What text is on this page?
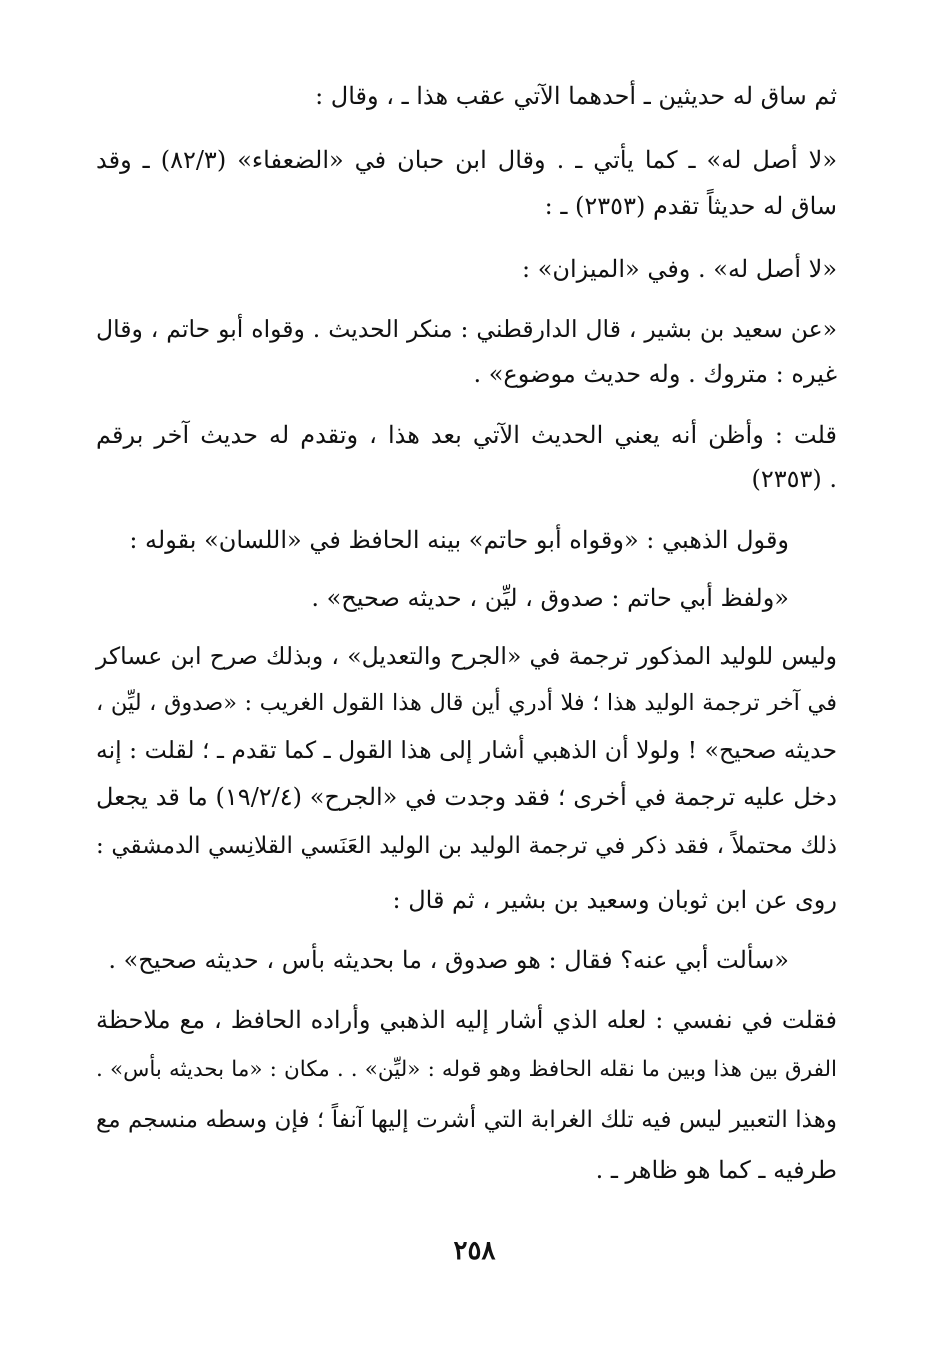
ثم ساق له حديثين ـ أحدهما الآتي عقب هذا ـ ، وقال :
«لا أصل له» ـ كما يأتي ـ . وقال ابن حبان في «الضعفاء» (٨٢/٣) ـ وقد
ساق له حديثاً تقدم (٢٣٥٣) ـ :
«لا أصل له» . وفي «الميزان» :
«عن سعيد بن بشير ، قال الدارقطني : منكر الحديث . وقواه أبو حاتم ، وقال
غيره : متروك . وله حديث موضوع» .
قلت : وأظن أنه يعني الحديث الآتي بعد هذا ، وتقدم له حديث آخر برقم
(٢٣٥٣) .
وقول الذهبي : «وقواه أبو حاتم» بينه الحافظ في «اللسان» بقوله :
«ولفظ أبي حاتم : صدوق ، ليِّن ، حديثه صحيح» .
وليس للوليد المذكور ترجمة في «الجرح والتعديل» ، وبذلك صرح ابن عساكر
في آخر ترجمة الوليد هذا ؛ فلا أدري أين قال هذا القول الغريب : «صدوق ، ليِّن ،
حديثه صحيح» ! ولولا أن الذهبي أشار إلى هذا القول ـ كما تقدم ـ ؛ لقلت : إنه
دخل عليه ترجمة في أخرى ؛ فقد وجدت في «الجرح» (١٩/٢/٤) ما قد يجعل
ذلك محتملاً ، فقد ذكر في ترجمة الوليد بن الوليد العَنَسي القلانِسي الدمشقي :
روى عن ابن ثوبان وسعيد بن بشير ، ثم قال :
«سألت أبي عنه؟ فقال : هو صدوق ، ما بحديثه بأس ، حديثه صحيح» .
فقلت في نفسي : لعله الذي أشار إليه الذهبي وأراده الحافظ ، مع ملاحظة
الفرق بين هذا وبين ما نقله الحافظ وهو قوله : «ليِّن» . . مكان : «ما بحديثه بأس» .
وهذا التعبير ليس فيه تلك الغرابة التي أشرت إليها آنفاً ؛ فإن وسطه منسجم مع
طرفيه ـ كما هو ظاهر ـ .
٢٥٨
